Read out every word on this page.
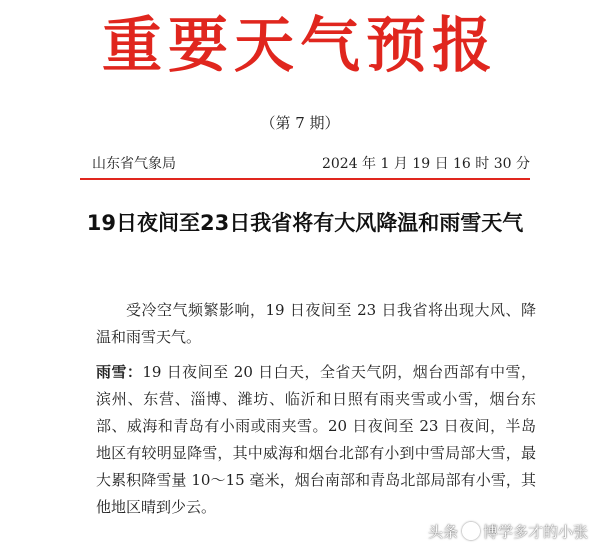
重要天气预报
（第 7 期）
山东省气象局	2024 年 1 月 19 日 16 时 30 分
19日夜间至23日我省将有大风降温和雨雪天气
受冷空气频繁影响，19 日夜间至 23 日我省将出现大风、降温和雨雪天气。
雨雪：19 日夜间至 20 日白天，全省天气阴，烟台西部有中雪，滨州、东营、淄博、潍坊、临沂和日照有雨夹雪或小雪，烟台东部、威海和青岛有小雨或雨夹雪。20 日夜间至 23 日夜间，半岛地区有较明显降雪，其中威海和烟台北部有小到中雪局部大雪，最大累积降雪量 10～15 毫米，烟台南部和青岛北部局部有小雪，其他地区晴到少云。
头条 博学多才的小张
